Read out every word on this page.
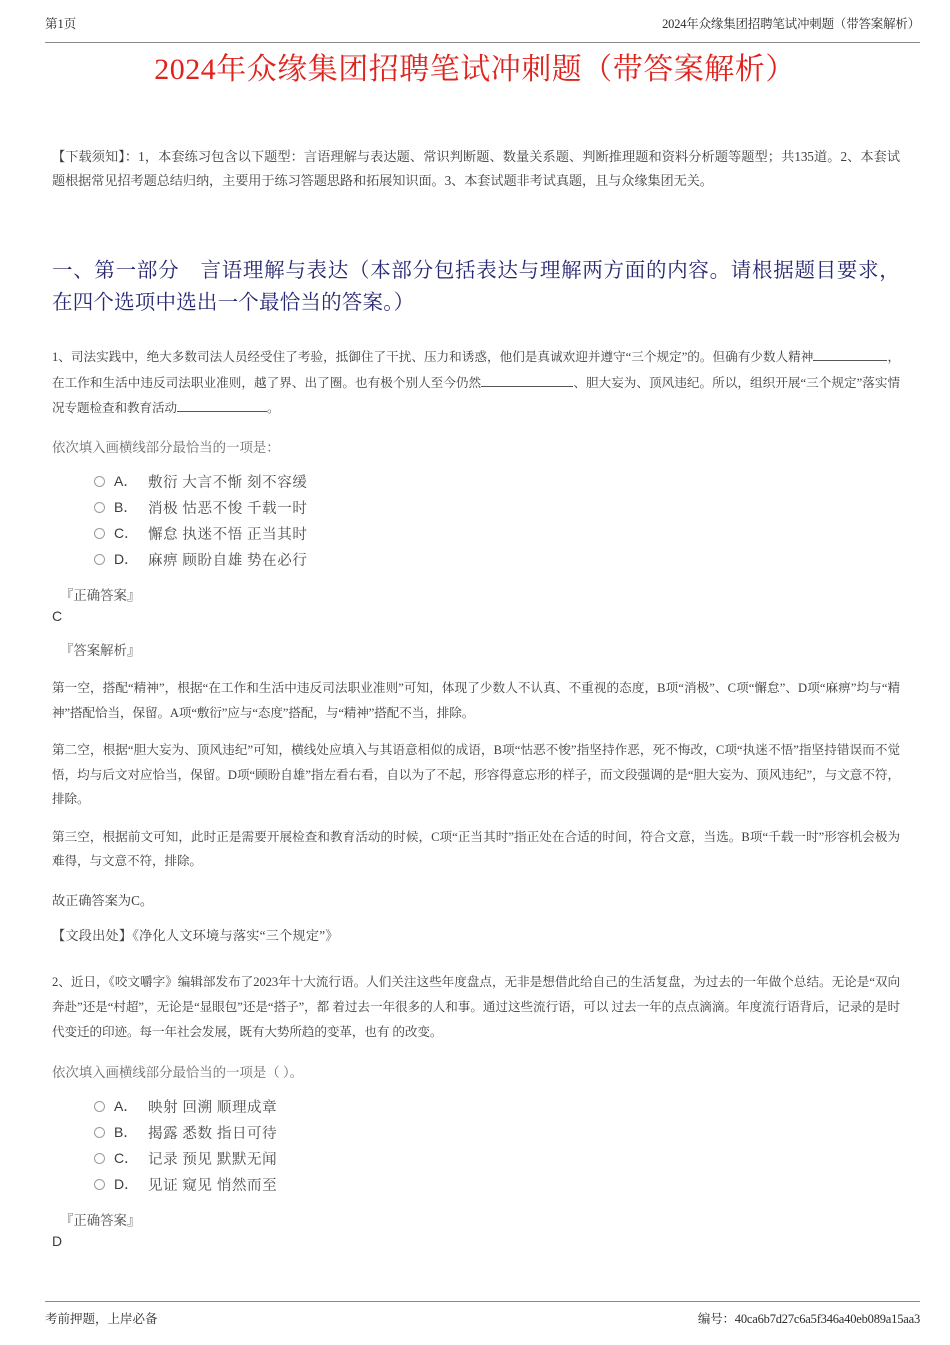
第1页	2024年众缘集团招聘笔试冲刺题（带答案解析）
2024年众缘集团招聘笔试冲刺题（带答案解析）
【下载须知】：1，本套练习包含以下题型：言语理解与表达题、常识判断题、数量关系题、判断推理题和资料分析题等题型；共135道。2、本套试题根据常见招考题总结归纳，主要用于练习答题思路和拓展知识面。3、本套试题非考试真题，且与众缘集团无关。
一、第一部分　言语理解与表达（本部分包括表达与理解两方面的内容。请根据题目要求，在四个选项中选出一个最恰当的答案。）
1、司法实践中，绝大多数司法人员经受住了考验，抵御住了干扰、压力和诱惑，他们是真诚欢迎并遵守“三个规定”的。但确有少数人精神	，在工作和生活中违反司法职业准则，越了界、出了圈。也有极个别人至今仍然	、胆大妄为、顶风违纪。所以，组织开展“三个规定”落实情况专题检查和教育活动	。
依次填入画横线部分最恰当的一项是：
A． 敷衍 大言不惭 刻不容缓
B． 消极 怙恶不悛 千载一时
C． 懈怠 执迷不悟 正当其时
D． 麻痹 顾盼自雄 势在必行
『正确答案』
C
『答案解析』
第一空，搭配“精神”，根据“在工作和生活中违反司法职业准则”可知，体现了少数人不认真、不重视的态度，B项“消极”、C项“懈怠”、D项“麻痹”均与“精神”搭配恰当，保留。A项“敷衍”应与“态度”搭配，与“精神”搭配不当，排除。
第二空，根据“胆大妄为、顶风违纪”可知，横线处应填入与其语意相似的成语，B项“怙恶不悛”指坚持作恶，死不悔改，C项“执迷不悟”指坚持错误而不觉悟，均与后文对应恰当，保留。D项“顾盼自雄”指左看右看，自以为了不起，形容得意忘形的样子，而文段强调的是“胆大妄为、顶风违纪”，与文意不符，排除。
第三空，根据前文可知，此时正是需要开展检查和教育活动的时候，C项“正当其时”指正处在合适的时间，符合文意，当选。B项“千载一时”形容机会极为难得，与文意不符，排除。
故正确答案为C。
【文段出处】《净化人文环境与落实“三个规定”》
2、近日，《咬文嚼字》编辑部发布了2023年十大流行语。人们关注这些年度盘点，无非是想借此给自己的生活复盘，为过去的一年做个总结。无论是“双向奔赴”还是“村超”，无论是“显眼包”还是“搭子”，都 着过去一年很多的人和事。通过这些流行语，可以 过去一年的点点滴滴。年度流行语背后，记录的是时代变迁的印迹。每一年社会发展，既有大势所趋的变革，也有 的改变。
依次填入画横线部分最恰当的一项是（ ）。
A． 映射 回溯 顺理成章
B． 揭露 悉数 指日可待
C． 记录 预见 默默无闻
D． 见证 窥见 悄然而至
『正确答案』
D
考前押题，上岸必备	编号：40ca6b7d27c6a5f346a40eb089a15aa3
